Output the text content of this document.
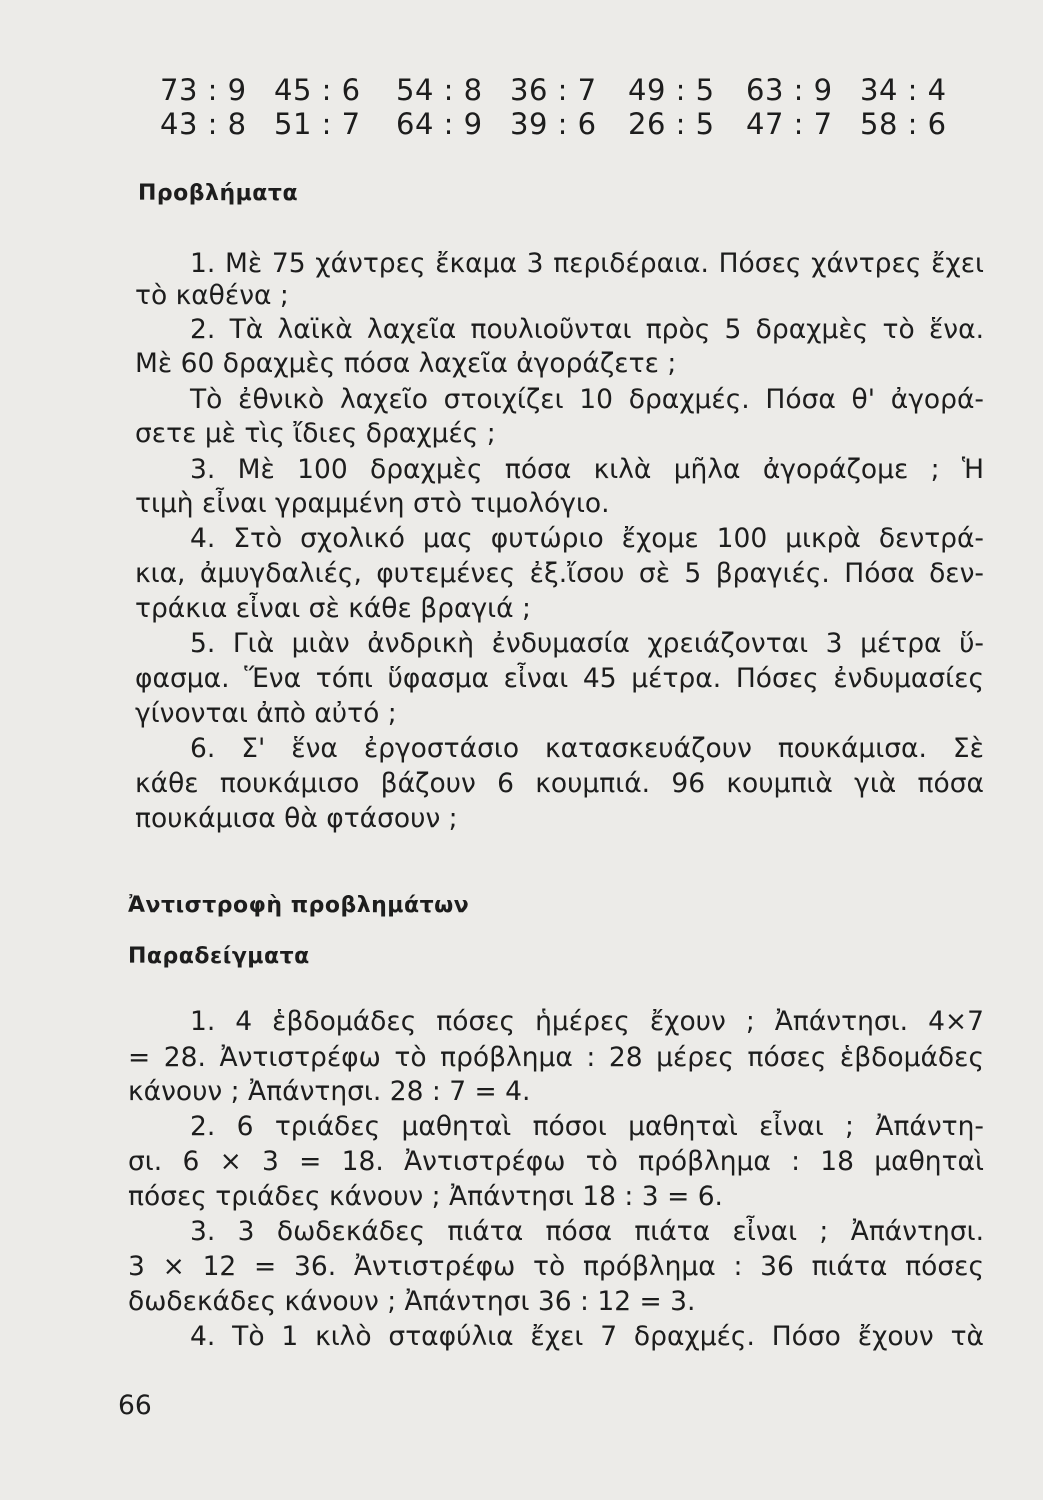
73 : 9 45 : 6 54 : 8 36 : 7 49 : 5 63 : 9 34 : 4
43 : 8 51 : 7 64 : 9 39 : 6 26 : 5 47 : 7 58 : 6
Προβλήματα
1. Μὲ 75 χάντρες ἔκαμα 3 περιδέραια. Πόσες χάντρες ἔχει
τὸ καθένα ;
2. Τὰ λαϊκὰ λαχεῖα πουλιοῦνται πρὸς 5 δραχμὲς τὸ ἕνα.
Μὲ 60 δραχμὲς πόσα λαχεῖα ἀγοράζετε ;
Τὸ ἐθνικὸ λαχεῖο στοιχίζει 10 δραχμές. Πόσα θ' ἀγορά-
σετε μὲ τὶς ἴδιες δραχμές ;
3. Μὲ 100 δραχμὲς πόσα κιλὰ μῆλα ἀγοράζομε ; Ἡ
τιμὴ εἶναι γραμμένη στὸ τιμολόγιο.
4. Στὸ σχολικό μας φυτώριο ἔχομε 100 μικρὰ δεντρά-
κια, ἀμυγδαλιές, φυτεμένες ἐξ.ἴσου σὲ 5 βραγιές. Πόσα δεν-
τράκια εἶναι σὲ κάθε βραγιά ;
5. Γιὰ μιὰν ἀνδρικὴ ἐνδυμασία χρειάζονται 3 μέτρα ὕ-
φασμα. Ἕνα τόπι ὕφασμα εἶναι 45 μέτρα. Πόσες ἐνδυμασίες
γίνονται ἀπὸ αὐτό ;
6. Σ' ἕνα ἐργοστάσιο κατασκευάζουν πουκάμισα. Σὲ
κάθε πουκάμισο βάζουν 6 κουμπιά. 96 κουμπιὰ γιὰ πόσα
πουκάμισα θὰ φτάσουν ;
Ἀντιστροφὴ προβλημάτων
Παραδείγματα
1. 4 ἑβδομάδες πόσες ἡμέρες ἔχουν ; Ἀπάντησι. 4×7
= 28. Ἀντιστρέφω τὸ πρόβλημα : 28 μέρες πόσες ἑβδομάδες
κάνουν ; Ἀπάντησι. 28 : 7 = 4.
2. 6 τριάδες μαθηταὶ πόσοι μαθηταὶ εἶναι ; Ἀπάντη-
σι. 6 × 3 = 18. Ἀντιστρέφω τὸ πρόβλημα : 18 μαθηταὶ
πόσες τριάδες κάνουν ; Ἀπάντησι 18 : 3 = 6.
3. 3 δωδεκάδες πιάτα πόσα πιάτα εἶναι ; Ἀπάντησι.
3 × 12 = 36. Ἀντιστρέφω τὸ πρόβλημα : 36 πιάτα πόσες
δωδεκάδες κάνουν ; Ἀπάντησι 36 : 12 = 3.
4. Τὸ 1 κιλὸ σταφύλια ἔχει 7 δραχμές. Πόσο ἔχουν τὰ
66
